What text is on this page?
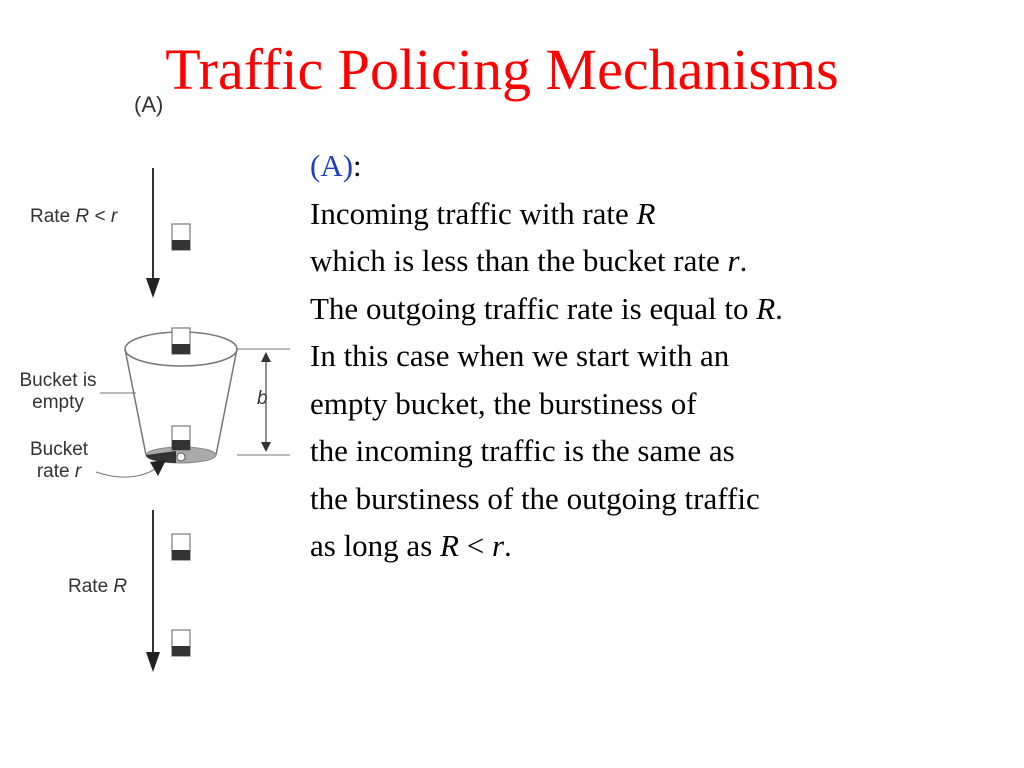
Traffic Policing Mechanisms
(A)
Rate R < r
Bucket is
empty
Bucket
rate r
b
Rate R
(A):
Incoming traffic with rate R
which is less than the bucket rate r.
The outgoing traffic rate is equal to R.
In this case when we start with an
empty bucket, the burstiness of
the incoming traffic is the same as
the burstiness of the outgoing traffic
as long as R < r.
